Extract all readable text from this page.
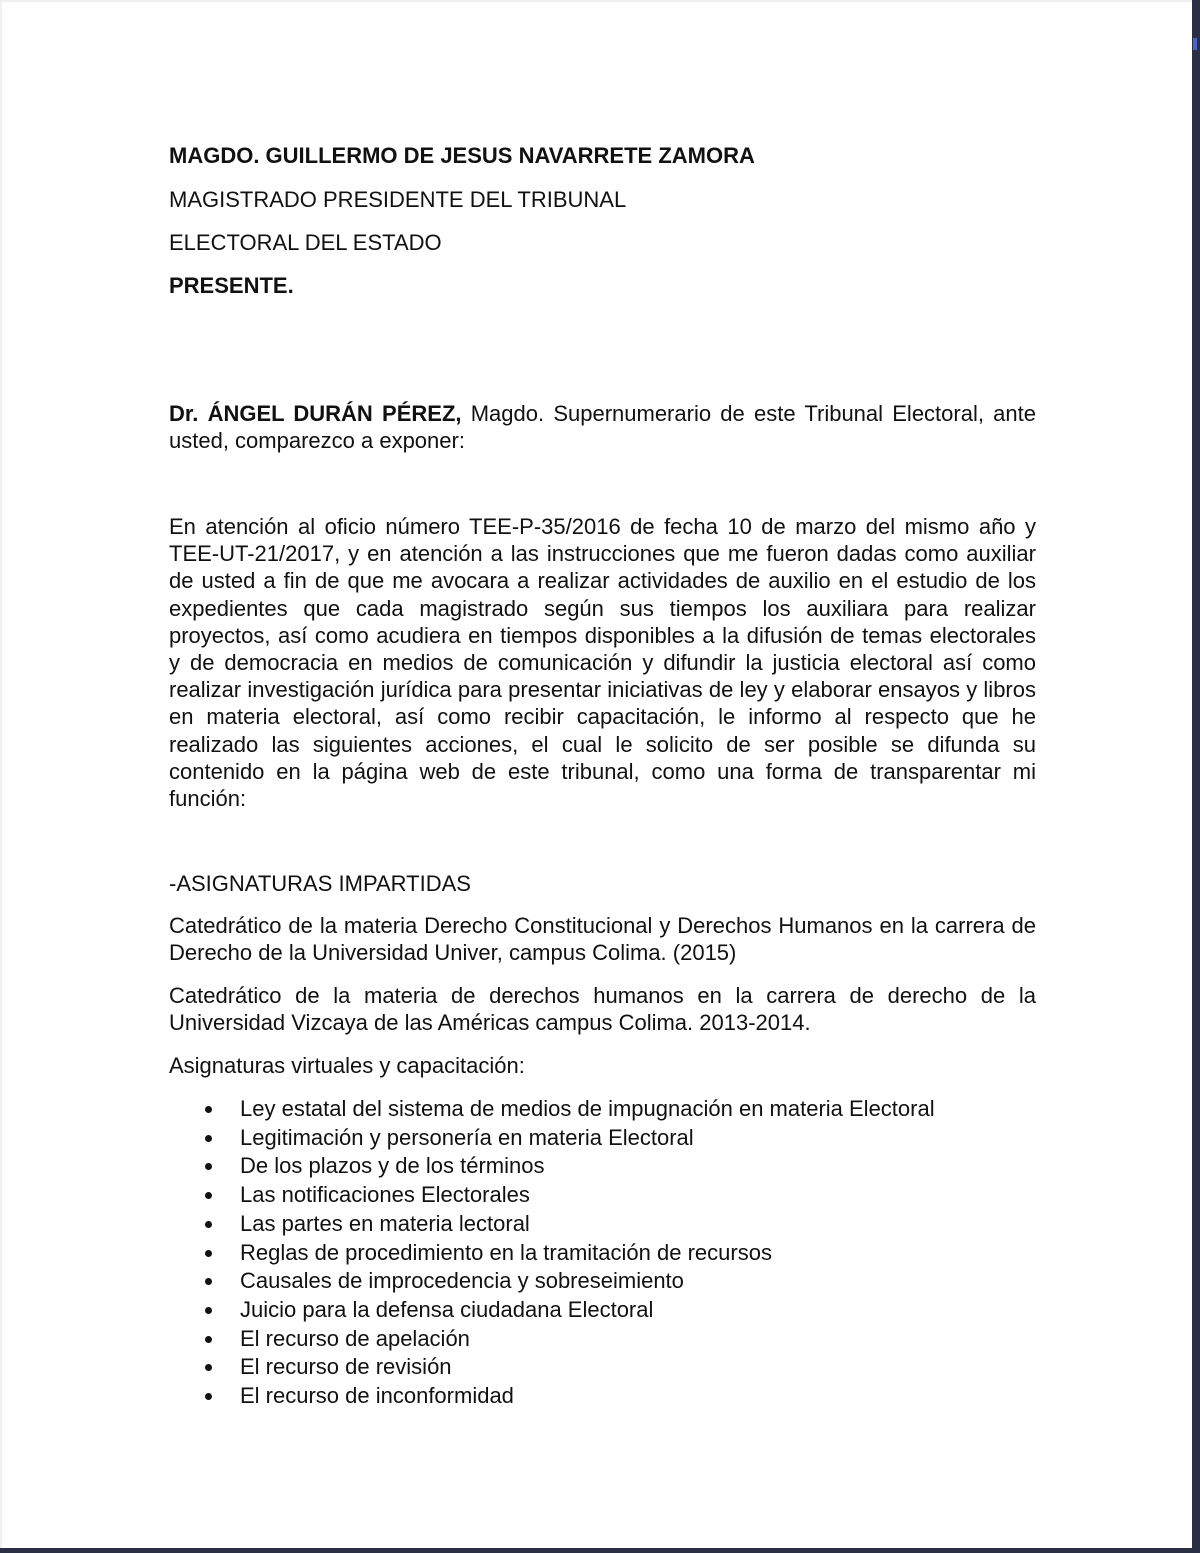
MAGDO. GUILLERMO DE JESUS NAVARRETE ZAMORA
MAGISTRADO PRESIDENTE DEL TRIBUNAL
ELECTORAL DEL ESTADO
PRESENTE.
Dr. ÁNGEL DURÁN PÉREZ, Magdo. Supernumerario de este Tribunal Electoral, ante usted, comparezco a exponer:
En atención al oficio número TEE-P-35/2016 de fecha 10 de marzo del mismo año y TEE-UT-21/2017, y en atención a las instrucciones que me fueron dadas como auxiliar de usted a fin de que me avocara a realizar actividades de auxilio en el estudio de los expedientes que cada magistrado según sus tiempos los auxiliara para realizar proyectos, así como acudiera en tiempos disponibles a la difusión de temas electorales y de democracia en medios de comunicación y difundir la justicia electoral así como realizar investigación jurídica para presentar iniciativas de ley y elaborar ensayos y libros en materia electoral, así como recibir capacitación, le informo al respecto que he realizado las siguientes acciones, el cual le solicito de ser posible se difunda su contenido en la página web de este tribunal, como una forma de transparentar mi función:
-ASIGNATURAS IMPARTIDAS
Catedrático de la materia Derecho Constitucional y Derechos Humanos en la carrera de Derecho de la Universidad Univer, campus Colima. (2015)
Catedrático de la materia de derechos humanos en la carrera de derecho de la Universidad Vizcaya de las Américas campus Colima. 2013-2014.
Asignaturas virtuales y capacitación:
Ley estatal del sistema de medios de impugnación en materia Electoral
Legitimación y personería en materia Electoral
De los plazos y de los términos
Las notificaciones Electorales
Las partes en materia lectoral
Reglas de procedimiento en la tramitación de recursos
Causales de improcedencia y sobreseimiento
Juicio para la defensa ciudadana Electoral
El recurso de apelación
El recurso de revisión
El recurso de inconformidad
